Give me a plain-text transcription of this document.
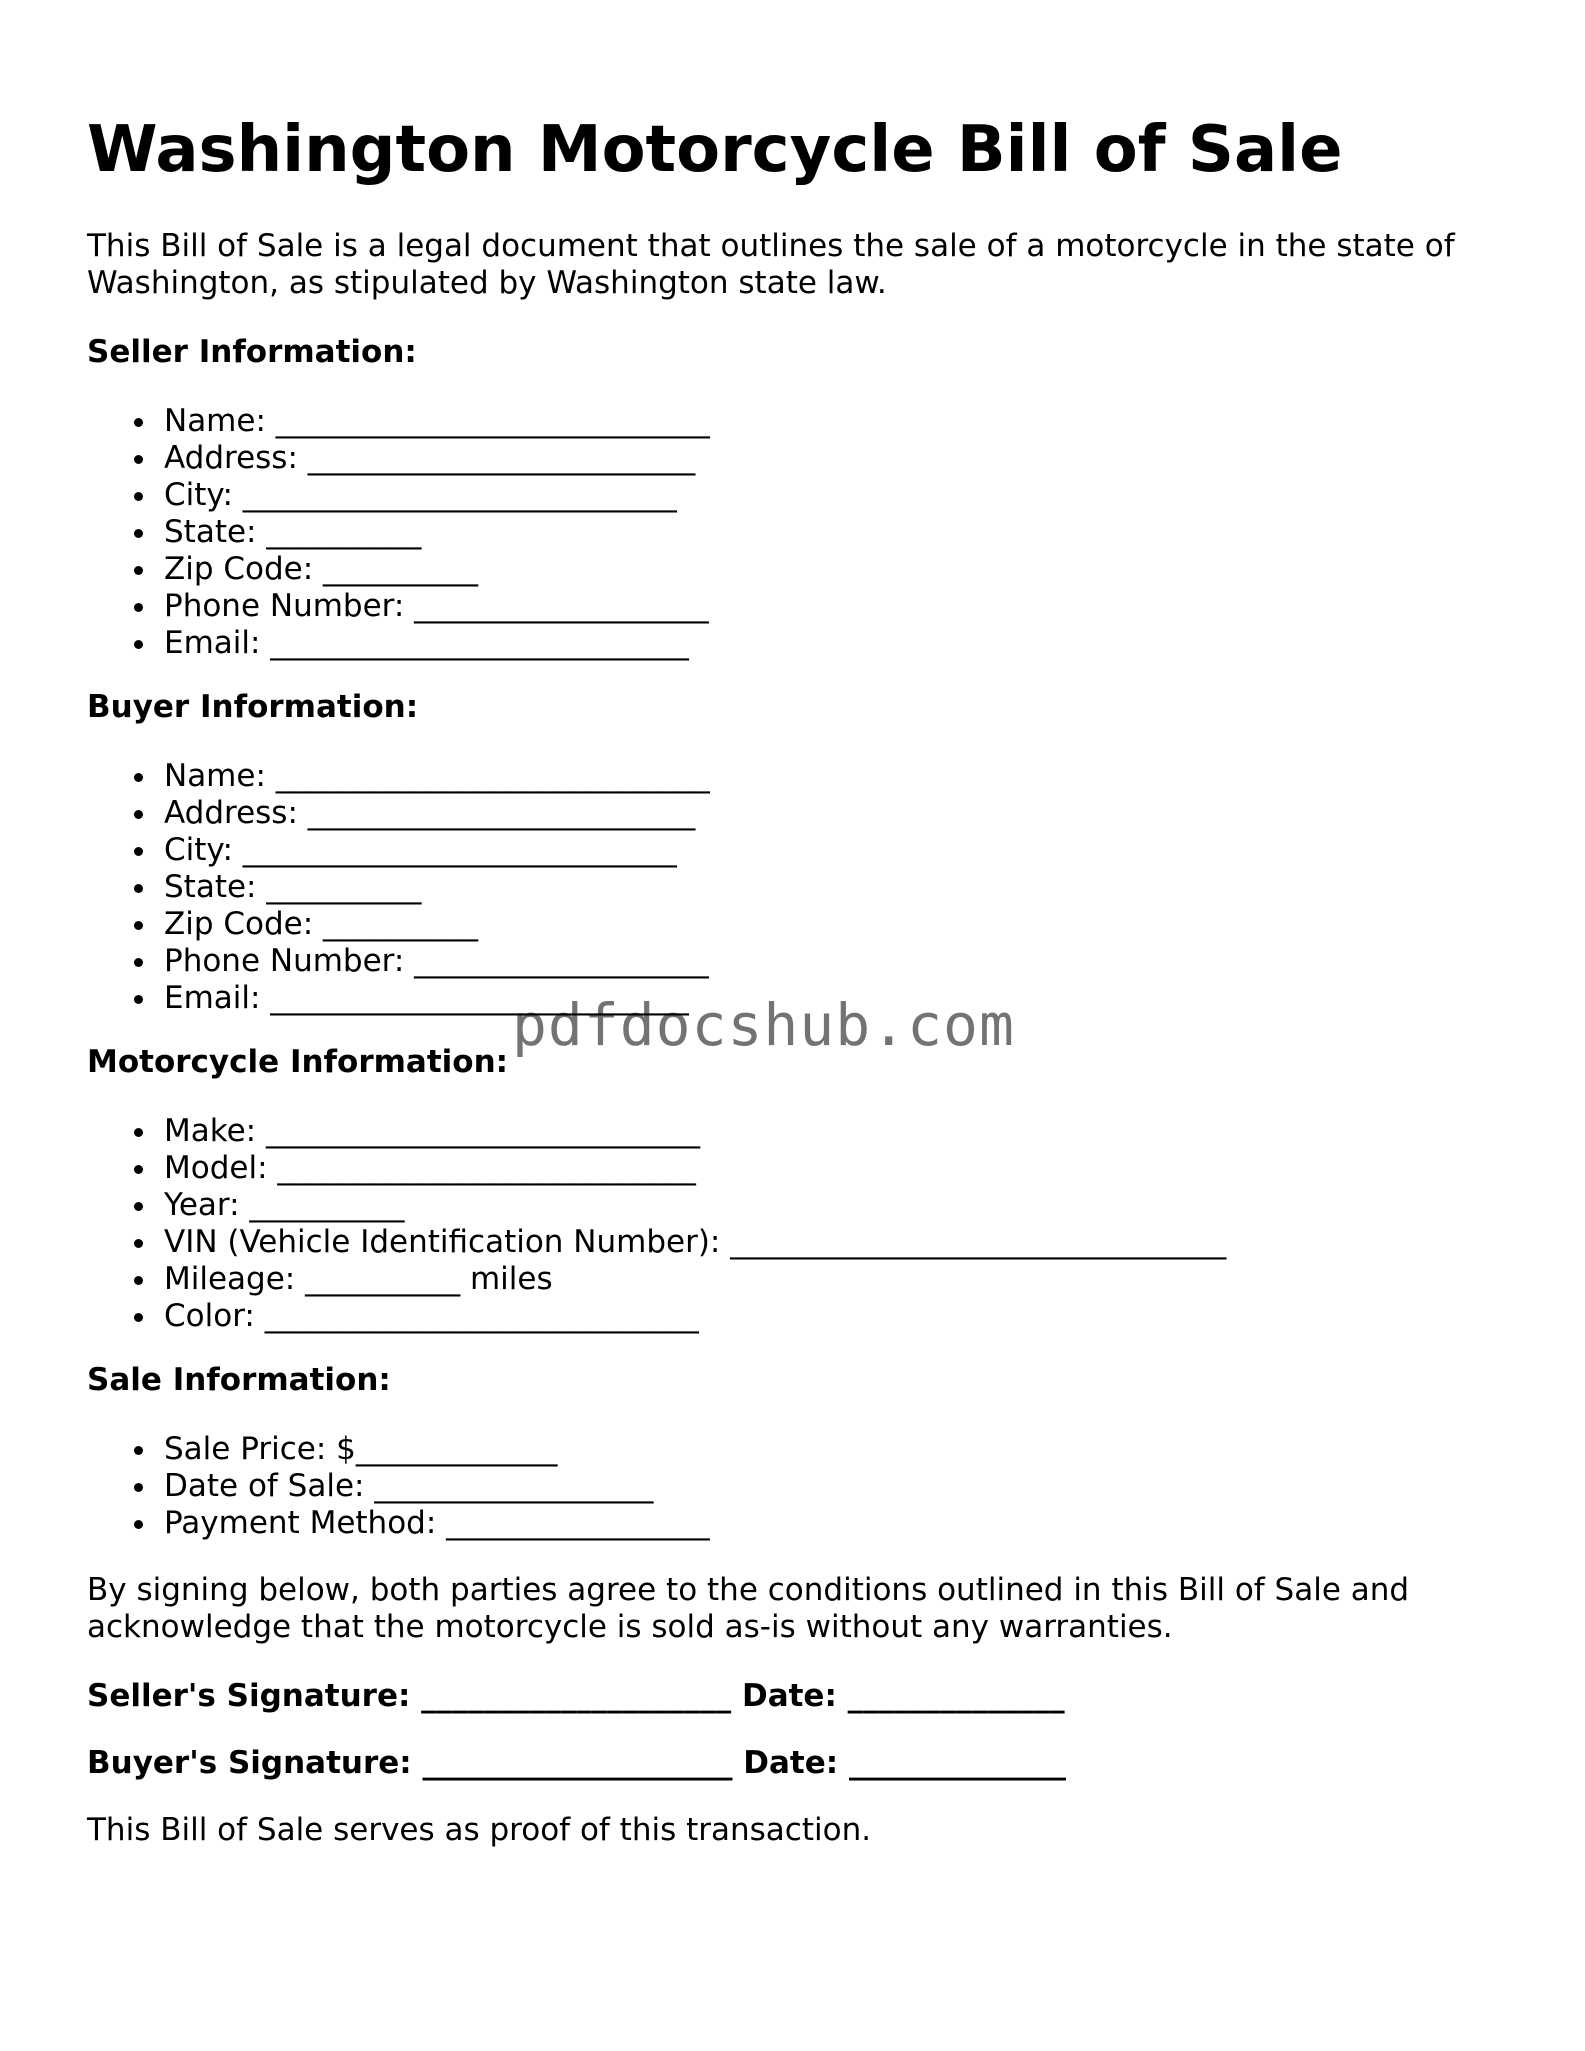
Washington Motorcycle Bill of Sale

This Bill of Sale is a legal document that outlines the sale of a motorcycle in the state of Washington, as stipulated by Washington state law.

Seller Information:

Name: ____________________________
Address: _________________________
City: ____________________________
State: __________
Zip Code: __________
Phone Number: ___________________
Email: ___________________________

Buyer Information:

Name: ____________________________
Address: _________________________
City: ____________________________
State: __________
Zip Code: __________
Phone Number: ___________________
Email: ___________________________

Motorcycle Information:

Make: ____________________________
Model: ___________________________
Year: __________
VIN (Vehicle Identification Number): ________________________________
Mileage: __________ miles
Color: ____________________________

Sale Information:

Sale Price: $_____________
Date of Sale: __________________
Payment Method: _________________

By signing below, both parties agree to the conditions outlined in this Bill of Sale and acknowledge that the motorcycle is sold as-is without any warranties.

Seller's Signature: ____________________ Date: ______________
Buyer's Signature: ____________________ Date: ______________

This Bill of Sale serves as proof of this transaction.

pdfdocshub.com
